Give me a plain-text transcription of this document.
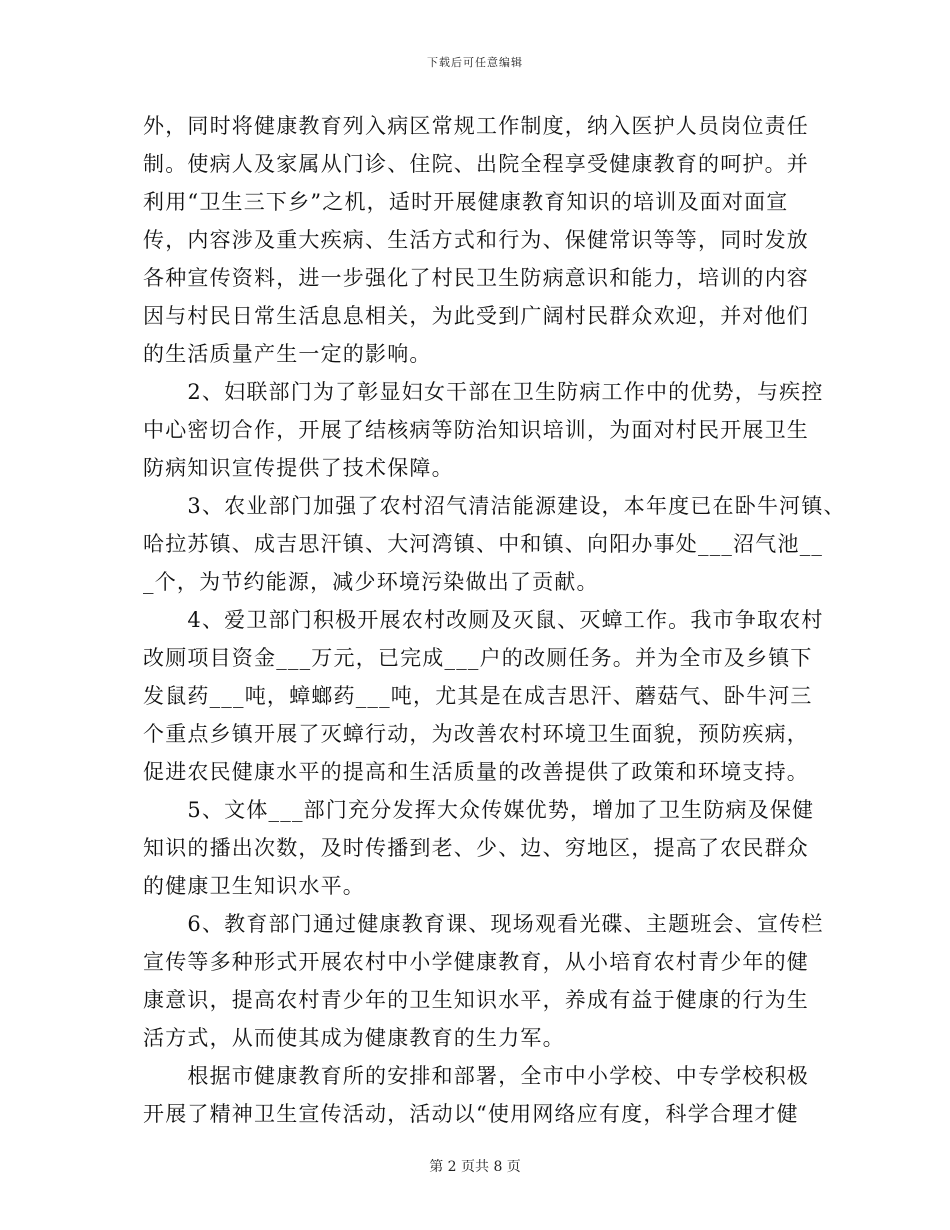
下载后可任意编辑
外，同时将健康教育列入病区常规工作制度，纳入医护人员岗位责任
制。使病人及家属从门诊、住院、出院全程享受健康教育的呵护。并
利用“卫生三下乡”之机，适时开展健康教育知识的培训及面对面宣
传，内容涉及重大疾病、生活方式和行为、保健常识等等，同时发放
各种宣传资料，进一步强化了村民卫生防病意识和能力，培训的内容
因与村民日常生活息息相关，为此受到广阔村民群众欢迎，并对他们
的生活质量产生一定的影响。
　　2、妇联部门为了彰显妇女干部在卫生防病工作中的优势，与疾控
中心密切合作，开展了结核病等防治知识培训，为面对村民开展卫生
防病知识宣传提供了技术保障。
　　3、农业部门加强了农村沼气清洁能源建设，本年度已在卧牛河镇、
哈拉苏镇、成吉思汗镇、大河湾镇、中和镇、向阳办事处___沼气池__
_个，为节约能源，减少环境污染做出了贡献。
　　4、爱卫部门积极开展农村改厕及灭鼠、灭蟑工作。我市争取农村
改厕项目资金___万元，已完成___户的改厕任务。并为全市及乡镇下
发鼠药___吨，蟑螂药___吨，尤其是在成吉思汗、蘑菇气、卧牛河三
个重点乡镇开展了灭蟑行动，为改善农村环境卫生面貌，预防疾病，
促进农民健康水平的提高和生活质量的改善提供了政策和环境支持。
　　5、文体___部门充分发挥大众传媒优势，增加了卫生防病及保健
知识的播出次数，及时传播到老、少、边、穷地区，提高了农民群众
的健康卫生知识水平。
　　6、教育部门通过健康教育课、现场观看光碟、主题班会、宣传栏
宣传等多种形式开展农村中小学健康教育，从小培育农村青少年的健
康意识，提高农村青少年的卫生知识水平，养成有益于健康的行为生
活方式，从而使其成为健康教育的生力军。
　　根据市健康教育所的安排和部署，全市中小学校、中专学校积极
开展了精神卫生宣传活动，活动以“使用网络应有度，科学合理才健
第 2 页共 8 页
